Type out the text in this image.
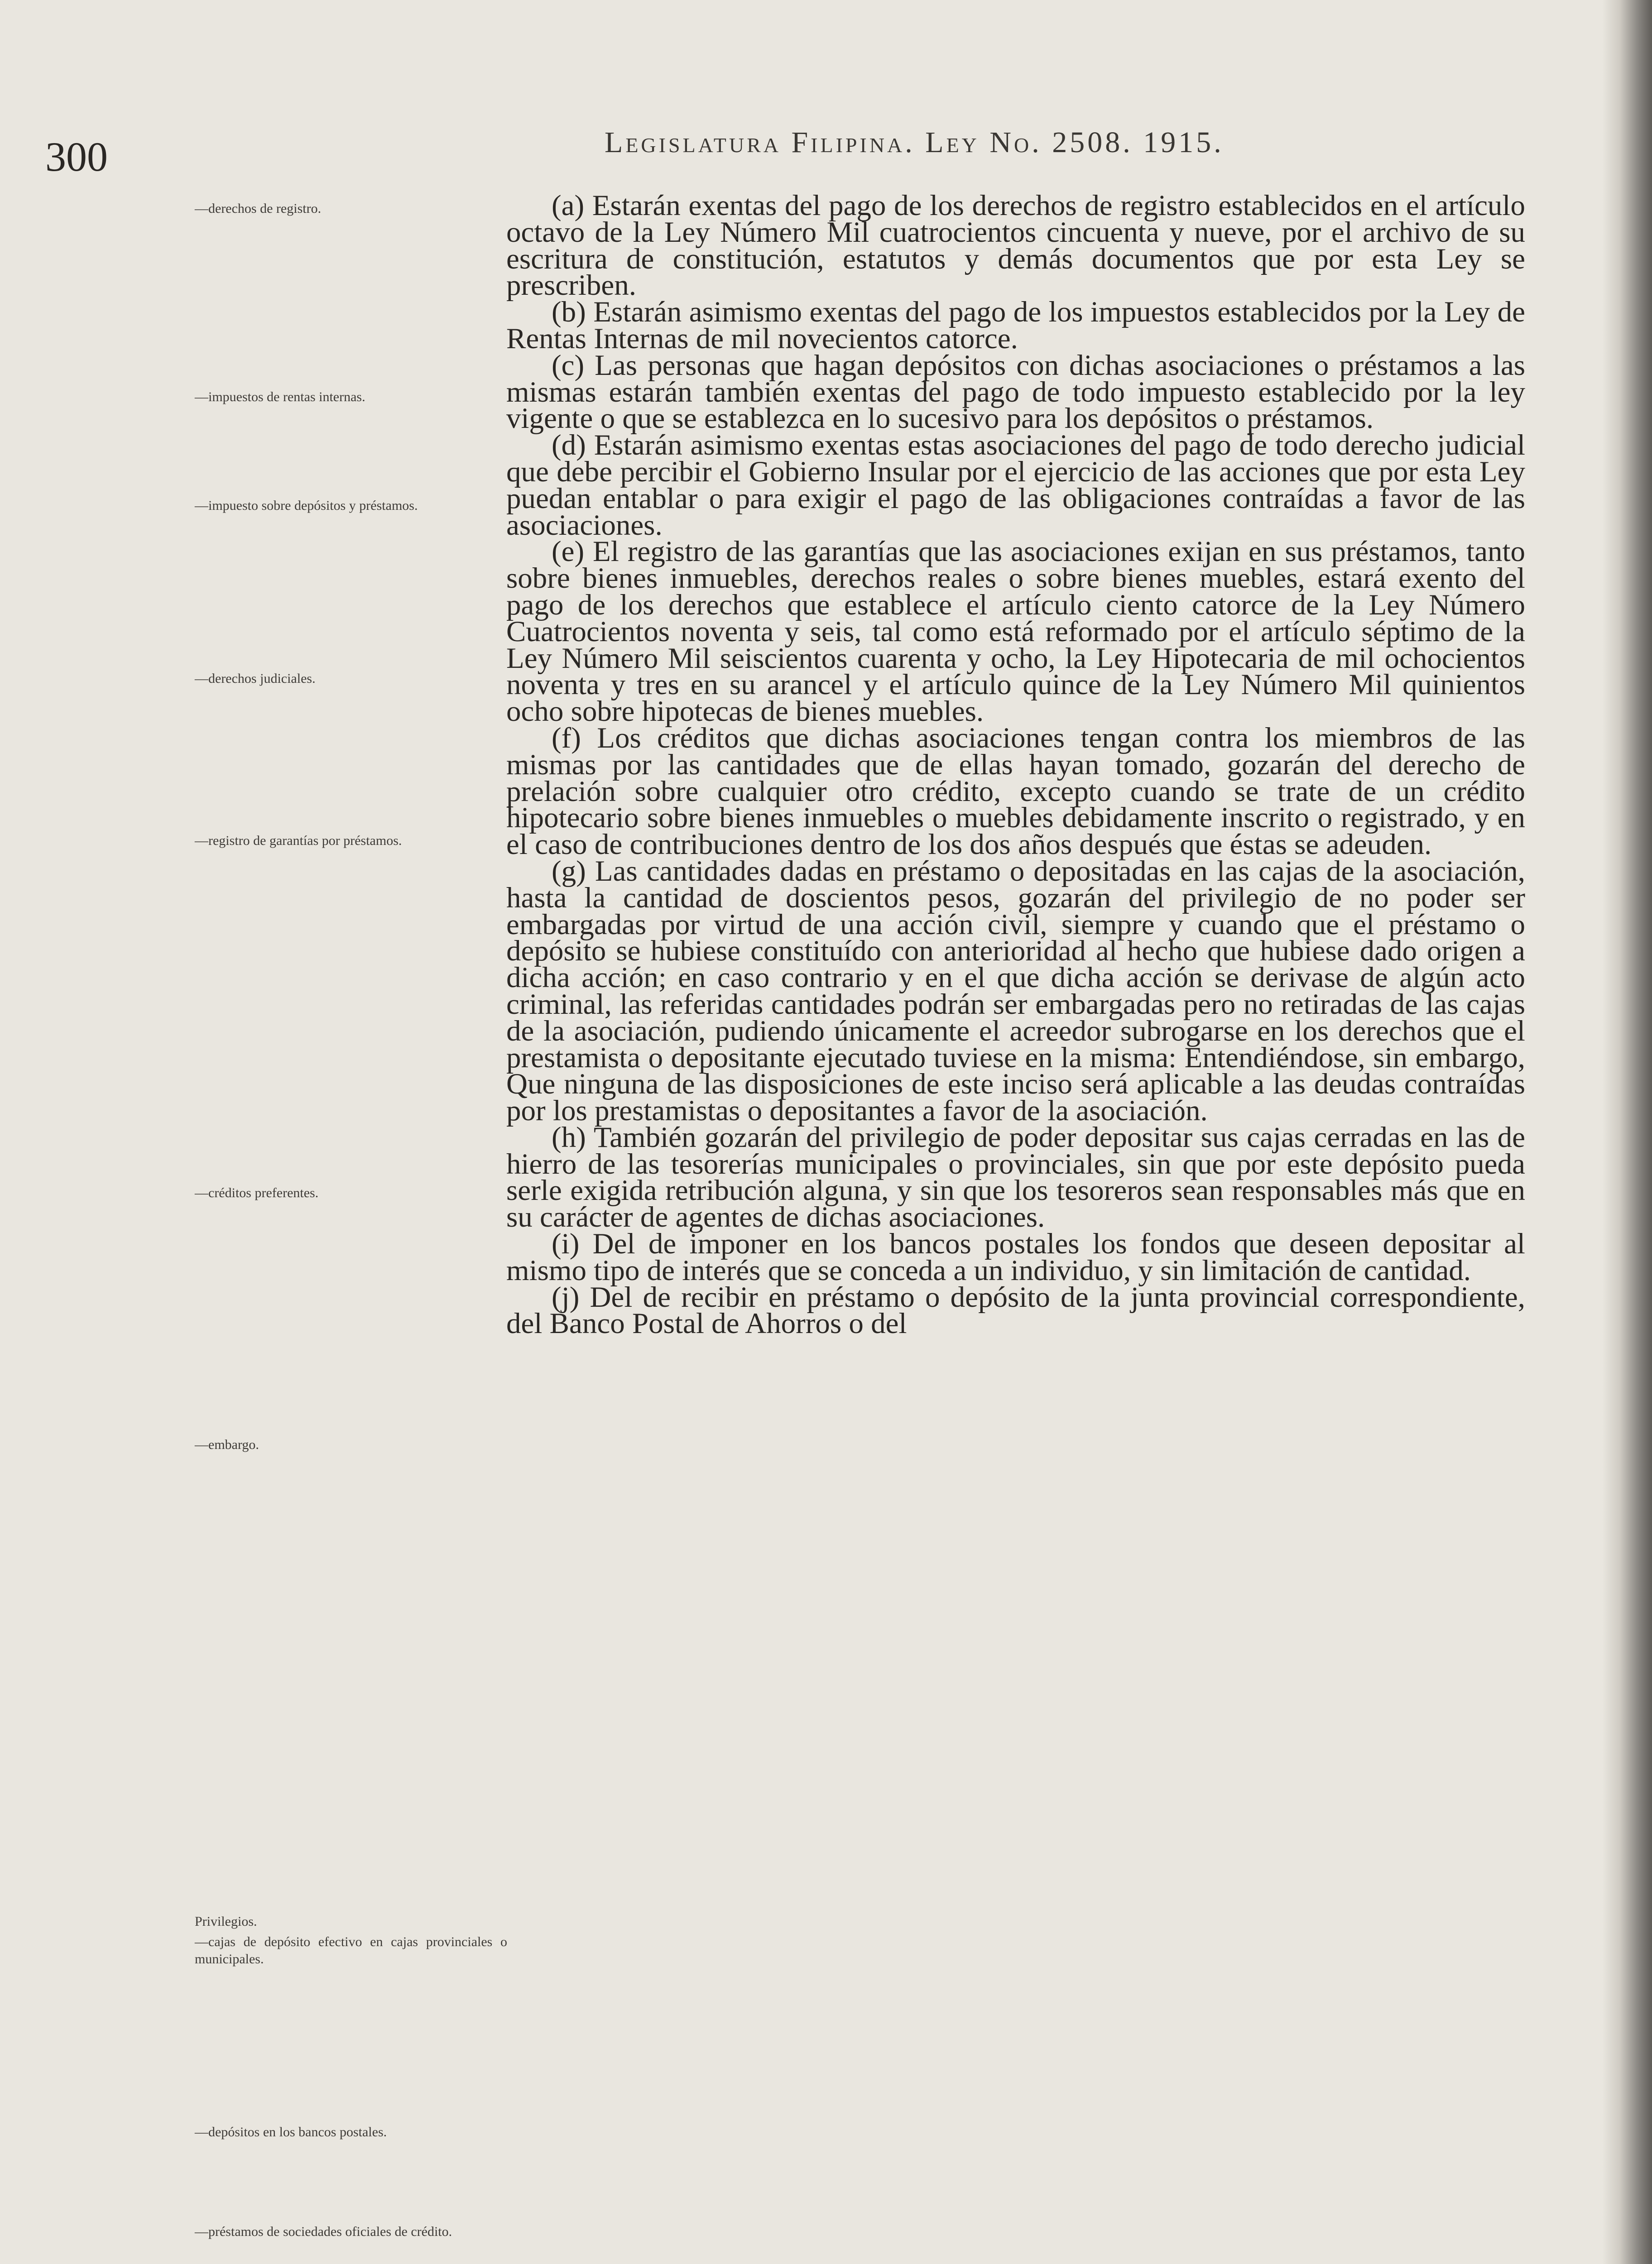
300	Legislatura Filipina. Ley No. 2508. 1915.
—derechos de registro.
—impuestos de rentas internas.
—impuesto sobre depósitos y préstamos.
—derechos judiciales.
—registro de garantías por préstamos.
—créditos preferentes.
—embargo.
Privilegios.
—cajas de depósito efectivo en cajas provinciales o municipales.
—depósitos en los bancos postales.
—préstamos de sociedades oficiales de crédito.

(a) Estarán exentas del pago de los derechos de registro establecidos en el artículo octavo de la Ley Número Mil cuatrocientos cincuenta y nueve, por el archivo de su escritura de constitución, estatutos y demás documentos que por esta Ley se prescriben.

(b) Estarán asimismo exentas del pago de los impuestos establecidos por la Ley de Rentas Internas de mil novecientos catorce.

(c) Las personas que hagan depósitos con dichas asociaciones o préstamos a las mismas estarán también exentas del pago de todo impuesto establecido por la ley vigente o que se establezca en lo sucesivo para los depósitos o préstamos.

(d) Estarán asimismo exentas estas asociaciones del pago de todo derecho judicial que debe percibir el Gobierno Insular por el ejercicio de las acciones que por esta Ley puedan entablar o para exigir el pago de las obligaciones contraídas a favor de las asociaciones.

(e) El registro de las garantías que las asociaciones exijan en sus préstamos, tanto sobre bienes inmuebles, derechos reales o sobre bienes muebles, estará exento del pago de los derechos que establece el artículo ciento catorce de la Ley Número Cuatrocientos noventa y seis, tal como está reformado por el artículo séptimo de la Ley Número Mil seiscientos cuarenta y ocho, la Ley Hipotecaria de mil ochocientos noventa y tres en su arancel y el artículo quince de la Ley Número Mil quinientos ocho sobre hipotecas de bienes muebles.

(f) Los créditos que dichas asociaciones tengan contra los miembros de las mismas por las cantidades que de ellas hayan tomado, gozarán del derecho de prelación sobre cualquier otro crédito, excepto cuando se trate de un crédito hipotecario sobre bienes inmuebles o muebles debidamente inscrito o registrado, y en el caso de contribuciones dentro de los dos años después que éstas se adeuden.

(g) Las cantidades dadas en préstamo o depositadas en las cajas de la asociación, hasta la cantidad de doscientos pesos, gozarán del privilegio de no poder ser embargadas por virtud de una acción civil, siempre y cuando que el préstamo o depósito se hubiese constituído con anterioridad al hecho que hubiese dado origen a dicha acción; en caso contrario y en el que dicha acción se derivase de algún acto criminal, las referidas cantidades podrán ser embargadas pero no retiradas de las cajas de la asociación, pudiendo únicamente el acreedor subrogarse en los derechos que el prestamista o depositante ejecutado tuviese en la misma: Entendiéndose, sin embargo, Que ninguna de las disposiciones de este inciso será aplicable a las deudas contraídas por los prestamistas o depositantes a favor de la asociación.

(h) También gozarán del privilegio de poder depositar sus cajas cerradas en las de hierro de las tesorerías municipales o provinciales, sin que por este depósito pueda serle exigida retribución alguna, y sin que los tesoreros sean responsables más que en su carácter de agentes de dichas asociaciones.

(i) Del de imponer en los bancos postales los fondos que deseen depositar al mismo tipo de interés que se conceda a un individuo, y sin limitación de cantidad.

(j) Del de recibir en préstamo o depósito de la junta provincial correspondiente, del Banco Postal de Ahorros o del
